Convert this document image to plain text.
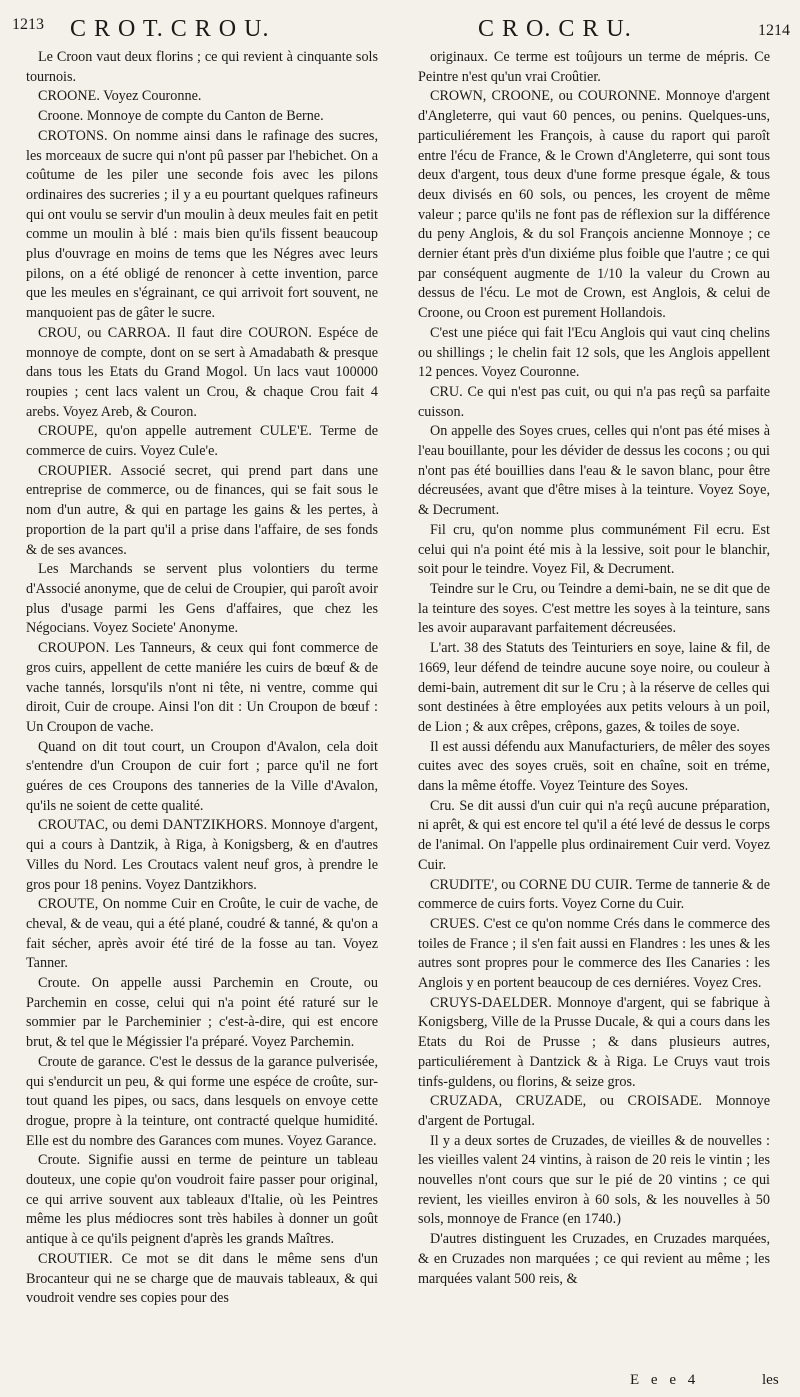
1213 C R O T. C R O U.	C R O. C R U.	1214

Le Croon vaut deux florins ; ce qui revient à cinquante sols tournois.

CROONE. Voyez Couronne.

Croone. Monnoye de compte du Canton de Berne.

CROTONS. On nomme ainsi dans le rafinage des sucres, les morceaux de sucre qui n'ont pû passer par l'hebichet. On a coûtume de les piler une seconde fois avec les pilons ordinaires des sucreries ; il y a eu pourtant quelques rafineurs qui ont voulu se servir d'un moulin à deux meules fait en petit comme un moulin à blé : mais bien qu'ils fissent beaucoup plus d'ouvrage en moins de tems que les Négres avec leurs pilons, on a été obligé de renoncer à cette invention, parce que les meules en s'égrainant, ce qui arrivoit fort souvent, ne manquoient pas de gâter le sucre.

CROU, ou CARROA. Il faut dire COURON. Espéce de monnoye de compte, dont on se sert à Amadabath & presque dans tous les Etats du Grand Mogol. Un lacs vaut 100000 roupies ; cent lacs valent un Crou, & chaque Crou fait 4 arebs. Voyez Areb, & Couron.

CROUPE, qu'on appelle autrement CULE'E. Terme de commerce de cuirs. Voyez Cule'e.

CROUPIER. Associé secret, qui prend part dans une entreprise de commerce, ou de finances, qui se fait sous le nom d'un autre, & qui en partage les gains & les pertes, à proportion de la part qu'il a prise dans l'affaire, de ses fonds & de ses avances.

Les Marchands se servent plus volontiers du terme d'Associé anonyme, que de celui de Croupier, qui paroît avoir plus d'usage parmi les Gens d'affaires, que chez les Négocians. Voyez Societe' Anonyme.

CROUPON. Les Tanneurs, & ceux qui font commerce de gros cuirs, appellent de cette maniére les cuirs de bœuf & de vache tannés, lorsqu'ils n'ont ni tête, ni ventre, comme qui diroit, Cuir de croupe. Ainsi l'on dit : Un Croupon de bœuf : Un Croupon de vache.

Quand on dit tout court, un Croupon d'Avalon, cela doit s'entendre d'un Croupon de cuir fort ; parce qu'il ne fort guéres de ces Croupons des tanneries de la Ville d'Avalon, qu'ils ne soient de cette qualité.

CROUTAC, ou demi DANTZIKHORS. Monnoye d'argent, qui a cours à Dantzik, à Riga, à Konigsberg, & en d'autres Villes du Nord. Les Croutacs valent neuf gros, à prendre le gros pour 18 penins. Voyez Dantzikhors.

CROUTE, On nomme Cuir en Croûte, le cuir de vache, de cheval, & de veau, qui a été plané, coudré & tanné, & qu'on a fait sécher, après avoir été tiré de la fosse au tan. Voyez Tanner.

Croute. On appelle aussi Parchemin en Croute, ou Parchemin en cosse, celui qui n'a point été raturé sur le sommier par le Parcheminier ; c'est-à-dire, qui est encore brut, & tel que le Mégissier l'a préparé. Voyez Parchemin.

Croute de garance. C'est le dessus de la garance pulverisée, qui s'endurcit un peu, & qui forme une espéce de croûte, sur-tout quand les pipes, ou sacs, dans lesquels on envoye cette drogue, propre à la teinture, ont contracté quelque humidité. Elle est du nombre des Garances com munes. Voyez Garance.

Croute. Signifie aussi en terme de peinture un tableau douteux, une copie qu'on voudroit faire passer pour original, ce qui arrive souvent aux tableaux d'Italie, où les Peintres même les plus médiocres sont très habiles à donner un goût antique à ce qu'ils peignent d'après les grands Maîtres.

CROUTIER. Ce mot se dit dans le même sens d'un Brocanteur qui ne se charge que de mauvais tableaux, & qui voudroit vendre ses copies pour des

originaux. Ce terme est toûjours un terme de mépris. Ce Peintre n'est qu'un vrai Croûtier.

CROWN, CROONE, ou COURONNE. Monnoye d'argent d'Angleterre, qui vaut 60 pences, ou penins. Quelques-uns, particuliérement les François, à cause du raport qui paroît entre l'écu de France, & le Crown d'Angleterre, qui sont tous deux d'argent, tous deux d'une forme presque égale, & tous deux divisés en 60 sols, ou pences, les croyent de même valeur ; parce qu'ils ne font pas de réflexion sur la différence du peny Anglois, & du sol François ancienne Monnoye ; ce dernier étant près d'un dixiéme plus foible que l'autre ; ce qui par conséquent augmente de 1/10 la valeur du Crown au dessus de l'écu. Le mot de Crown, est Anglois, & celui de Croone, ou Croon est purement Hollandois.

C'est une piéce qui fait l'Ecu Anglois qui vaut cinq chelins ou shillings ; le chelin fait 12 sols, que les Anglois appellent 12 pences. Voyez Couronne.

CRU. Ce qui n'est pas cuit, ou qui n'a pas reçû sa parfaite cuisson.

On appelle des Soyes crues, celles qui n'ont pas été mises à l'eau bouillante, pour les dévider de dessus les cocons ; ou qui n'ont pas été bouillies dans l'eau & le savon blanc, pour être décreusées, avant que d'être mises à la teinture. Voyez Soye, & Decrument.

Fil cru, qu'on nomme plus communément Fil ecru. Est celui qui n'a point été mis à la lessive, soit pour le blanchir, soit pour le teindre. Voyez Fil, & Decrument.

Teindre sur le Cru, ou Teindre a demi-bain, ne se dit que de la teinture des soyes. C'est mettre les soyes à la teinture, sans les avoir auparavant parfaitement décreusées.

L'art. 38 des Statuts des Teinturiers en soye, laine & fil, de 1669, leur défend de teindre aucune soye noire, ou couleur à demi-bain, autrement dit sur le Cru ; à la réserve de celles qui sont destinées à être employées aux petits velours à un poil, de Lion ; & aux crêpes, crêpons, gazes, & toiles de soye.

Il est aussi défendu aux Manufacturiers, de mêler des soyes cuites avec des soyes cruës, soit en chaîne, soit en tréme, dans la même étoffe. Voyez Teinture des Soyes.

Cru. Se dit aussi d'un cuir qui n'a reçû aucune préparation, ni aprêt, & qui est encore tel qu'il a été levé de dessus le corps de l'animal. On l'appelle plus ordinairement Cuir verd. Voyez Cuir.

CRUDITE', ou CORNE DU CUIR. Terme de tannerie & de commerce de cuirs forts. Voyez Corne du Cuir.

CRUES. C'est ce qu'on nomme Crés dans le commerce des toiles de France ; il s'en fait aussi en Flandres : les unes & les autres sont propres pour le commerce des Iles Canaries : les Anglois y en portent beaucoup de ces derniéres. Voyez Cres.

CRUYS-DAELDER. Monnoye d'argent, qui se fabrique à Konigsberg, Ville de la Prusse Ducale, & qui a cours dans les Etats du Roi de Prusse ; & dans plusieurs autres, particuliérement à Dantzick & à Riga. Le Cruys vaut trois tinfs-guldens, ou florins, & seize gros.

CRUZADA, CRUZADE, ou CROISADE. Monnoye d'argent de Portugal.

Il y a deux sortes de Cruzades, de vieilles & de nouvelles : les vieilles valent 24 vintins, à raison de 20 reis le vintin ; les nouvelles n'ont cours que sur le pié de 20 vintins ; ce qui revient, les vieilles environ à 60 sols, & les nouvelles à 50 sols, monnoye de France (en 1740.)

D'autres distinguent les Cruzades, en Cruzades marquées, & en Cruzades non marquées ; ce qui revient au même ; les marquées valant 500 reis, &

E e e 4	les
